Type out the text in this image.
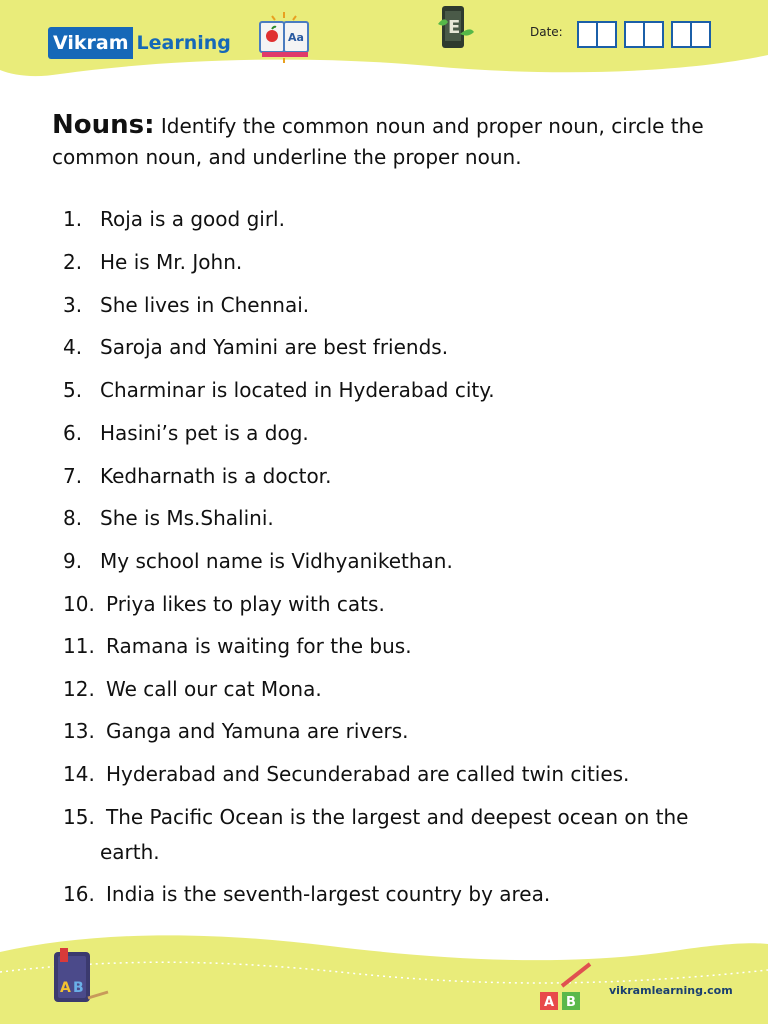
Vikram Learning	Aa	E	Date:
Nouns: Identify the common noun and proper noun, circle the common noun, and underline the proper noun.
1. Roja is a good girl.
2. He is Mr. John.
3. She lives in Chennai.
4. Saroja and Yamini are best friends.
5. Charminar is located in Hyderabad city.
6. Hasini’s pet is a dog.
7. Kedharnath is a doctor.
8. She is Ms.Shalini.
9. My school name is Vidhyanikethan.
10. Priya likes to play with cats.
11. Ramana is waiting for the bus.
12. We call our cat Mona.
13. Ganga and Yamuna are rivers.
14. Hyderabad and Secunderabad are called twin cities.
15. The Pacific Ocean is the largest and deepest ocean on the
earth.
16. India is the seventh-largest country by area.
A B
A B
vikramlearning.com
